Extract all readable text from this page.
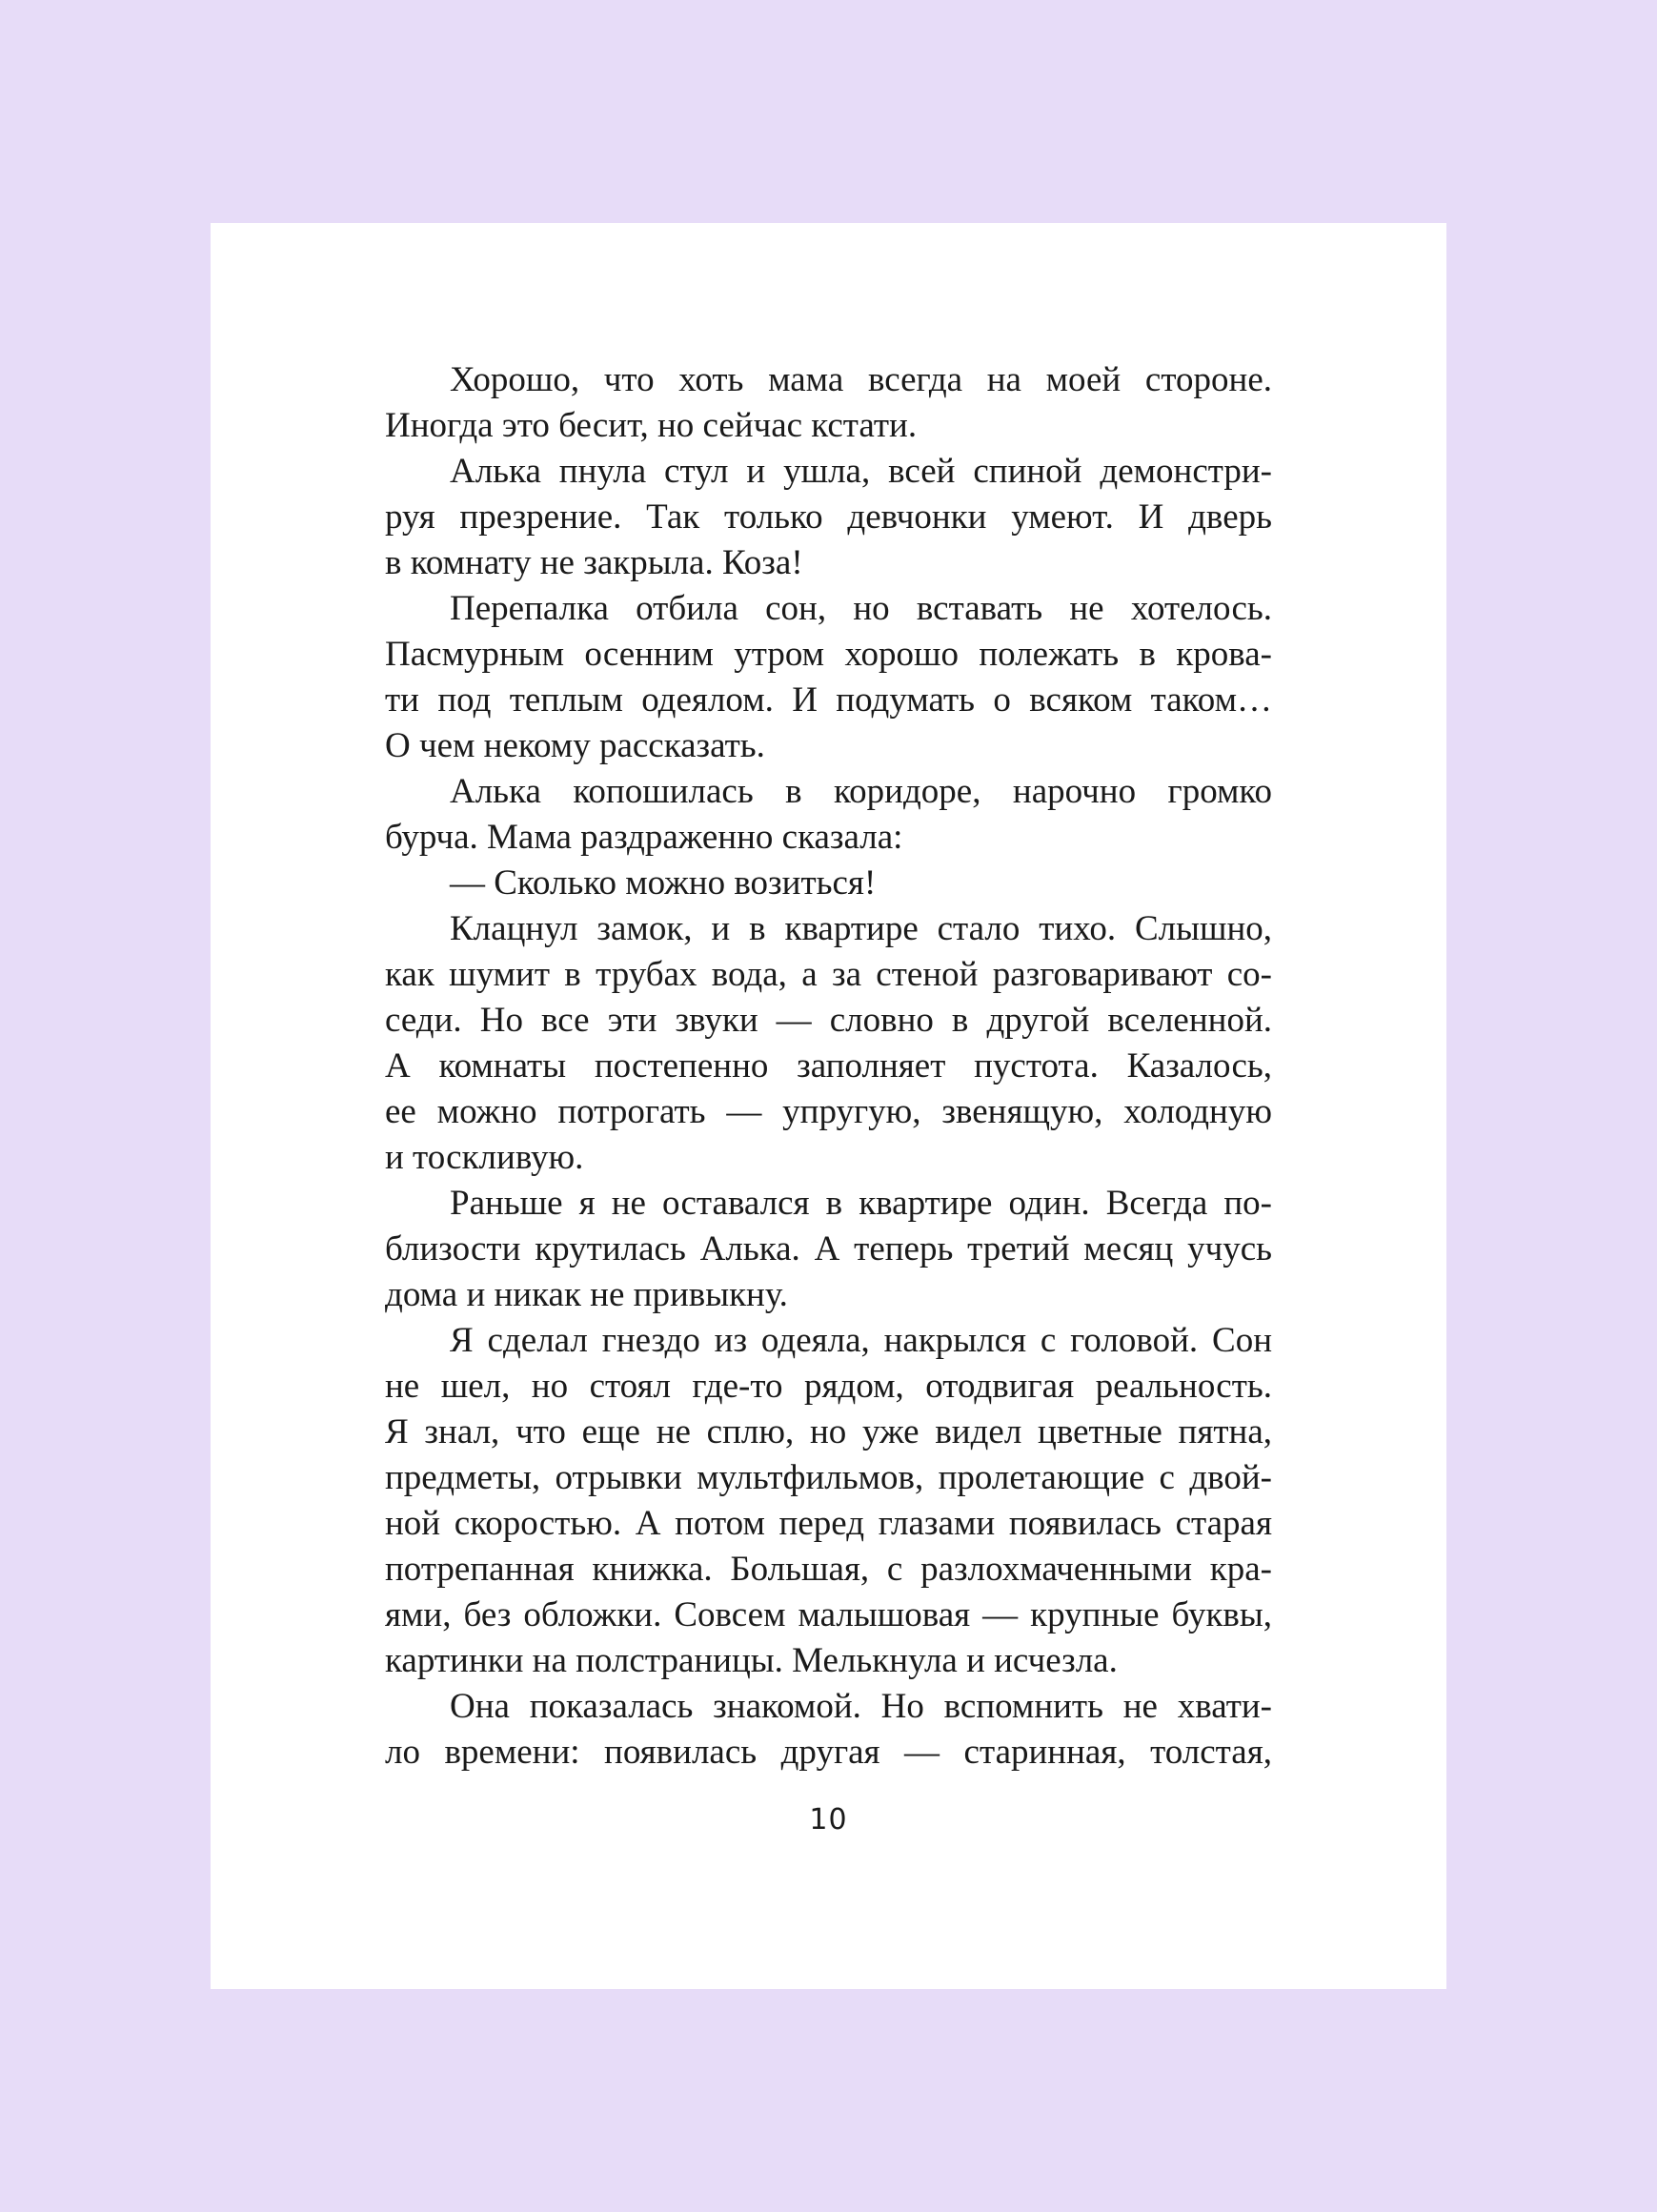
Хорошо, что хоть мама всегда на моей стороне.
Иногда это бесит, но сейчас кстати.
Алька пнула стул и ушла, всей спиной демонстри-
руя презрение. Так только девчонки умеют. И дверь
в комнату не закрыла. Коза!
Перепалка отбила сон, но вставать не хотелось.
Пасмурным осенним утром хорошо полежать в крова-
ти под теплым одеялом. И подумать о всяком таком…
О чем некому рассказать.
Алька копошилась в коридоре, нарочно громко
бурча. Мама раздраженно сказала:
— Сколько можно возиться!
Клацнул замок, и в квартире стало тихо. Слышно,
как шумит в трубах вода, а за стеной разговаривают со-
седи. Но все эти звуки — словно в другой вселенной.
А комнаты постепенно заполняет пустота. Казалось,
ее можно потрогать — упругую, звенящую, холодную
и тоскливую.
Раньше я не оставался в квартире один. Всегда по-
близости крутилась Алька. А теперь третий месяц учусь
дома и никак не привыкну.
Я сделал гнездо из одеяла, накрылся с головой. Сон
не шел, но стоял где-то рядом, отодвигая реальность.
Я знал, что еще не сплю, но уже видел цветные пятна,
предметы, отрывки мультфильмов, пролетающие с двой-
ной скоростью. А потом перед глазами появилась старая
потрепанная книжка. Большая, с разлохмаченными кра-
ями, без обложки. Совсем малышовая — крупные буквы,
картинки на полстраницы. Мелькнула и исчезла.
Она показалась знакомой. Но вспомнить не хвати-
ло времени: появилась другая — старинная, толстая,
10
